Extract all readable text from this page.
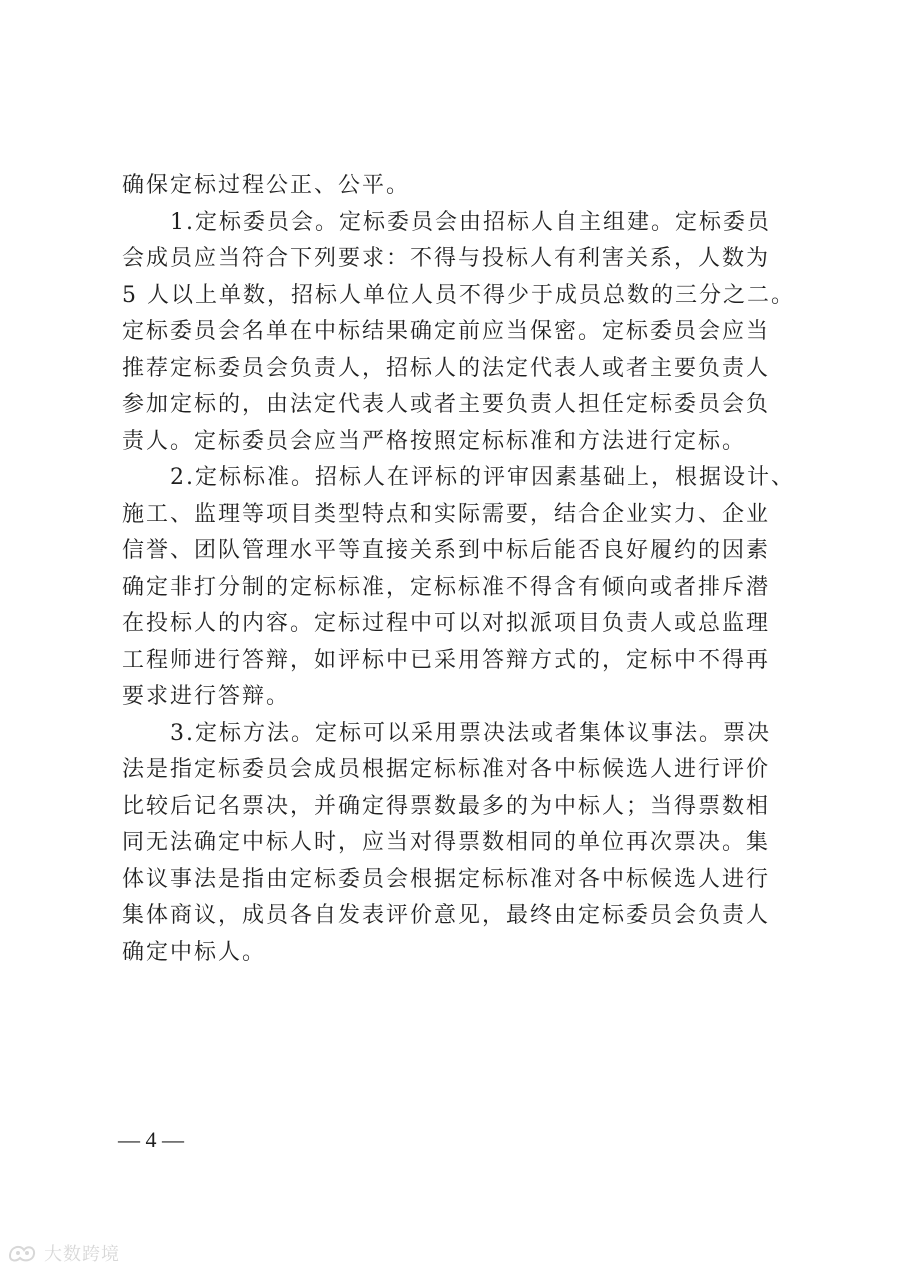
确保定标过程公正、公平。
　　1.定标委员会。定标委员会由招标人自主组建。定标委员
会成员应当符合下列要求：不得与投标人有利害关系，人数为
5 人以上单数，招标人单位人员不得少于成员总数的三分之二。
定标委员会名单在中标结果确定前应当保密。定标委员会应当
推荐定标委员会负责人，招标人的法定代表人或者主要负责人
参加定标的，由法定代表人或者主要负责人担任定标委员会负
责人。定标委员会应当严格按照定标标准和方法进行定标。
　　2.定标标准。招标人在评标的评审因素基础上，根据设计、
施工、监理等项目类型特点和实际需要，结合企业实力、企业
信誉、团队管理水平等直接关系到中标后能否良好履约的因素
确定非打分制的定标标准，定标标准不得含有倾向或者排斥潜
在投标人的内容。定标过程中可以对拟派项目负责人或总监理
工程师进行答辩，如评标中已采用答辩方式的，定标中不得再
要求进行答辩。
　　3.定标方法。定标可以采用票决法或者集体议事法。票决
法是指定标委员会成员根据定标标准对各中标候选人进行评价
比较后记名票决，并确定得票数最多的为中标人；当得票数相
同无法确定中标人时，应当对得票数相同的单位再次票决。集
体议事法是指由定标委员会根据定标标准对各中标候选人进行
集体商议，成员各自发表评价意见，最终由定标委员会负责人
确定中标人。
— 4 —
大数跨境
